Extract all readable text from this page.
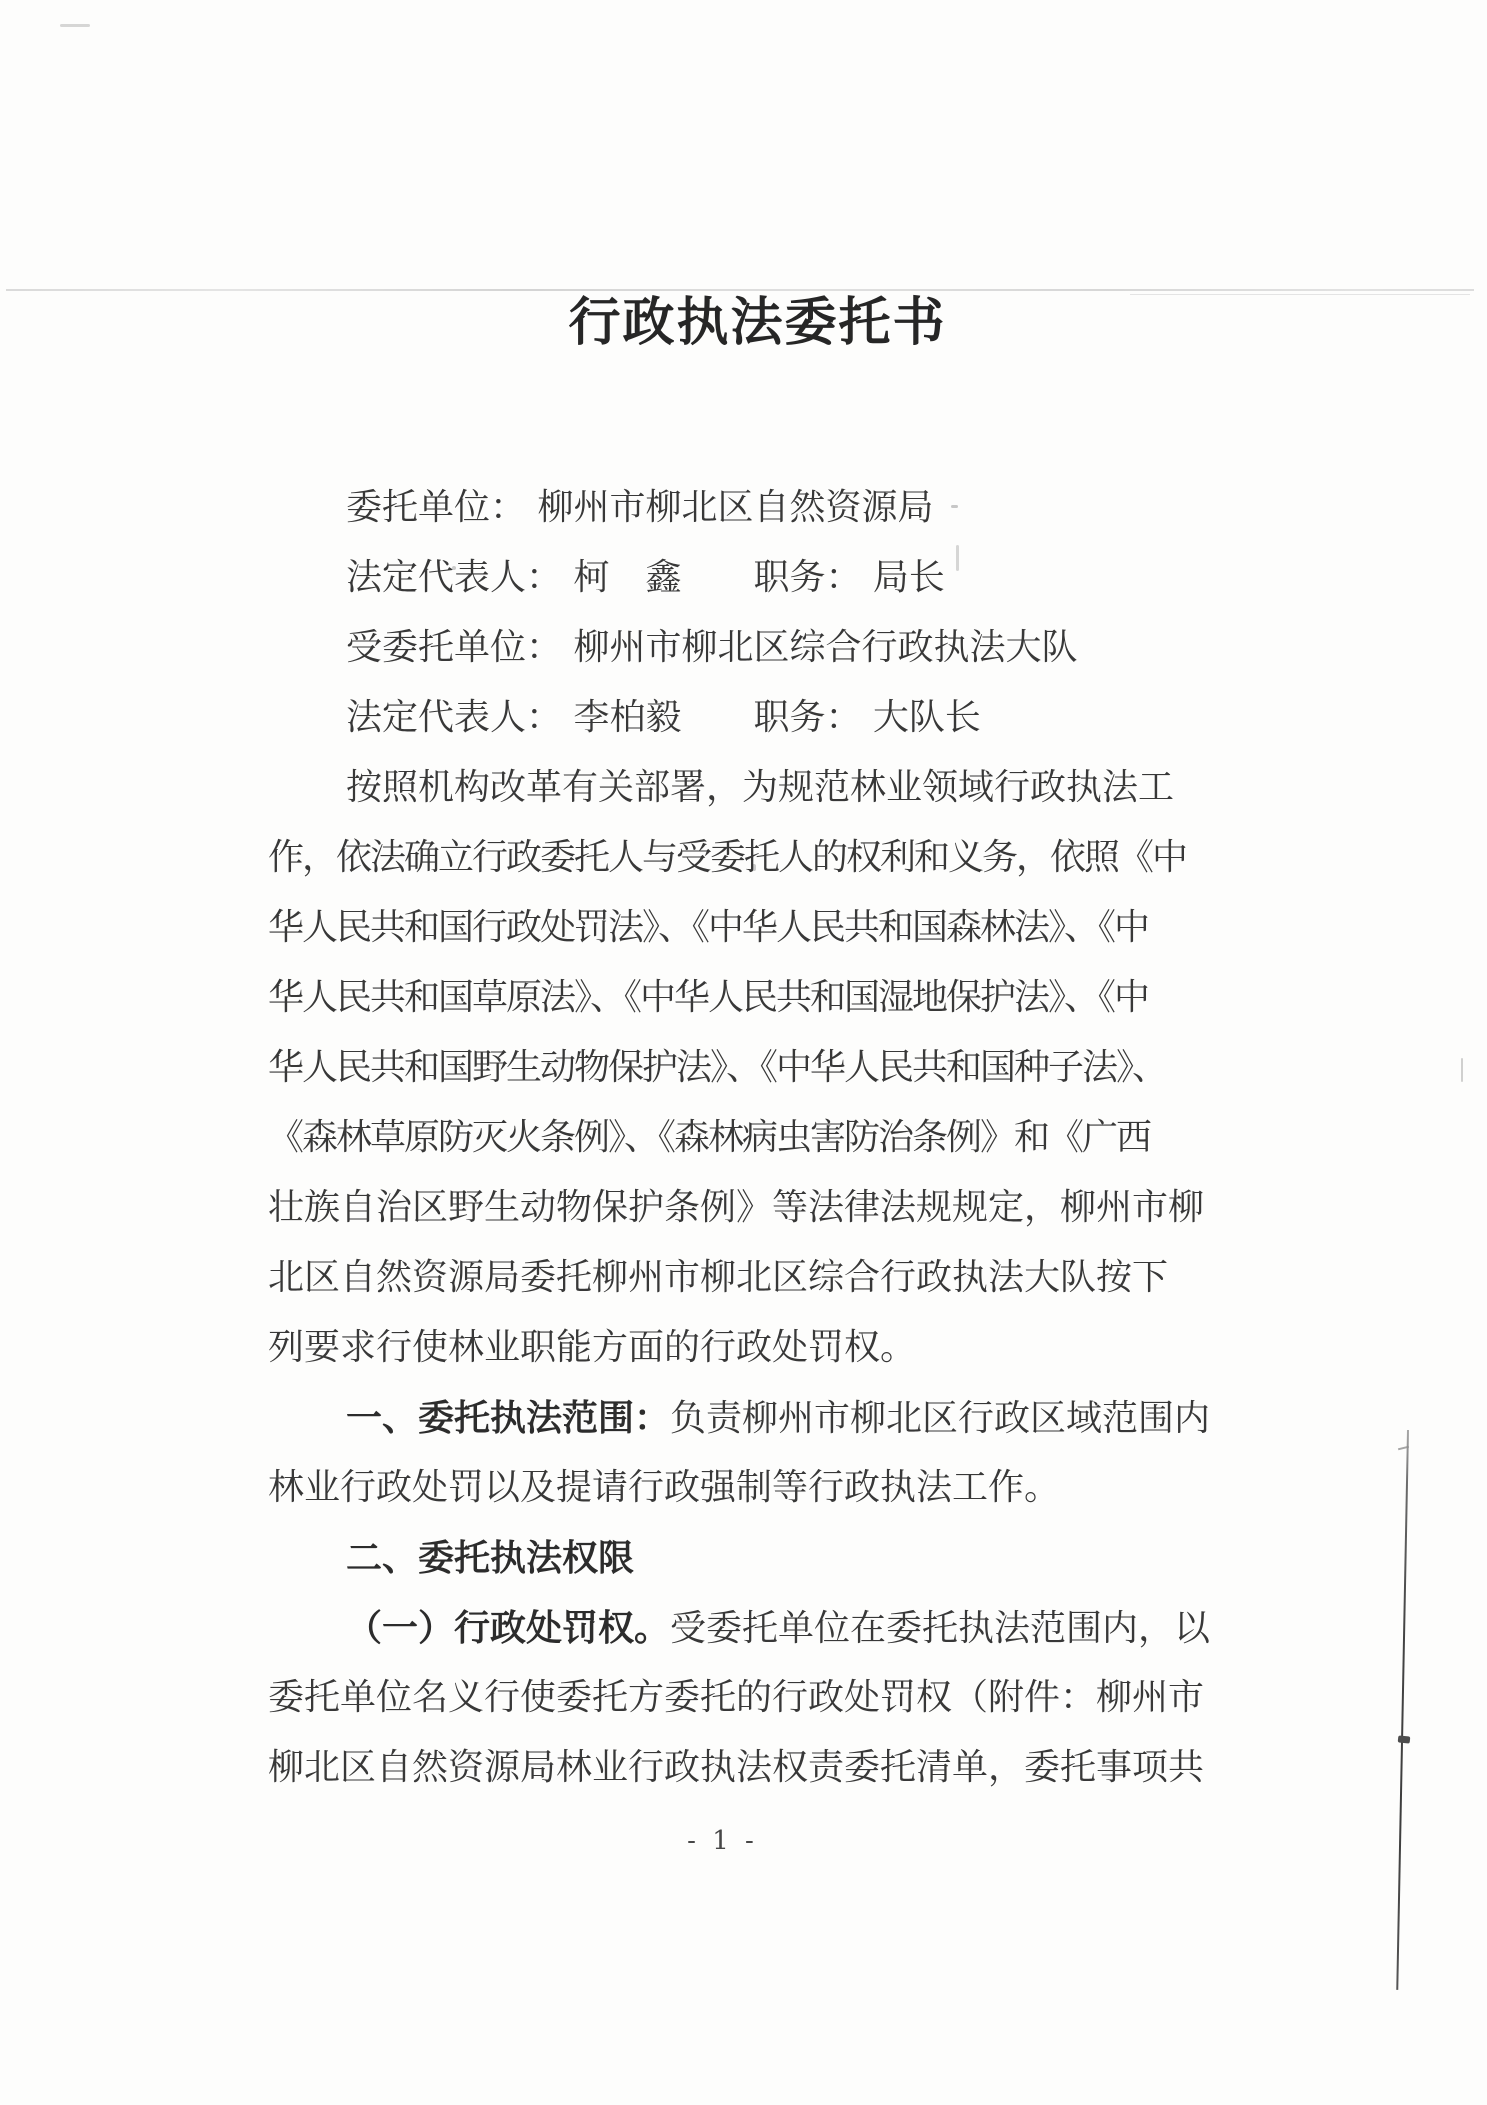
行政执法委托书
委托单位： 柳州市柳北区自然资源局
法定代表人： 柯　鑫　　职务： 局长
受委托单位： 柳州市柳北区综合行政执法大队
法定代表人： 李柏毅　　职务： 大队长
按照机构改革有关部署，为规范林业领域行政执法工
作，依法确立行政委托人与受委托人的权利和义务，依照《中
华人民共和国行政处罚法》、《中华人民共和国森林法》、《中
华人民共和国草原法》、《中华人民共和国湿地保护法》、《中
华人民共和国野生动物保护法》、《中华人民共和国种子法》、
《森林草原防灭火条例》、《森林病虫害防治条例》和《广西
壮族自治区野生动物保护条例》等法律法规规定，柳州市柳
北区自然资源局委托柳州市柳北区综合行政执法大队按下
列要求行使林业职能方面的行政处罚权。
一、委托执法范围：负责柳州市柳北区行政区域范围内
林业行政处罚以及提请行政强制等行政执法工作。
二、委托执法权限
（一）行政处罚权。受委托单位在委托执法范围内，以
委托单位名义行使委托方委托的行政处罚权（附件：柳州市
柳北区自然资源局林业行政执法权责委托清单，委托事项共
- 1 -
